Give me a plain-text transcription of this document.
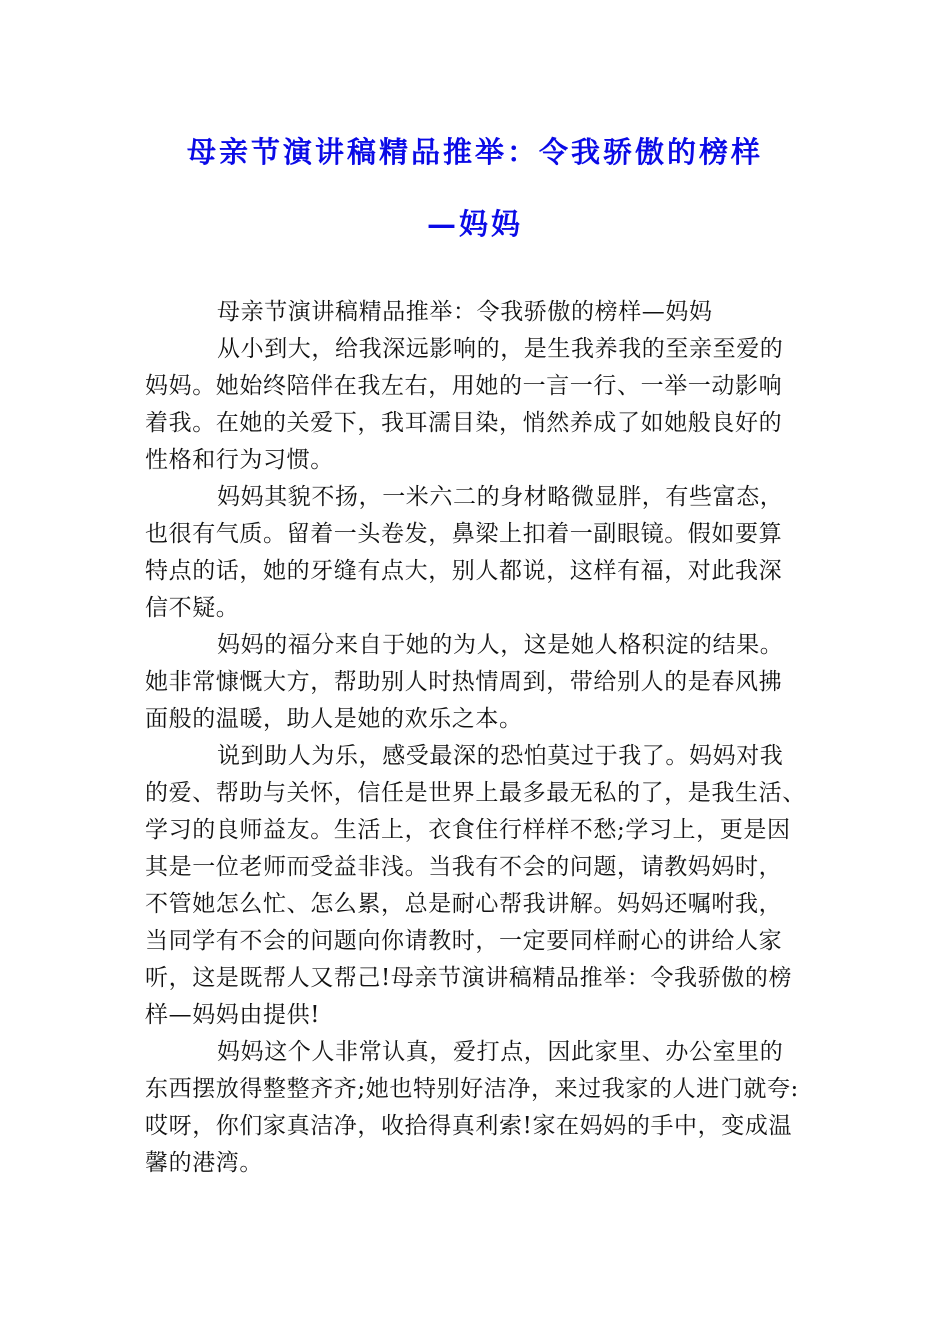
母亲节演讲稿精品推举：令我骄傲的榜样
—妈妈
母亲节演讲稿精品推举：令我骄傲的榜样—妈妈
从小到大，给我深远影响的，是生我养我的至亲至爱的
妈妈。她始终陪伴在我左右，用她的一言一行、一举一动影响
着我。在她的关爱下，我耳濡目染，悄然养成了如她般良好的
性格和行为习惯。
妈妈其貌不扬，一米六二的身材略微显胖，有些富态，
也很有气质。留着一头卷发，鼻梁上扣着一副眼镜。假如要算
特点的话，她的牙缝有点大，别人都说，这样有福，对此我深
信不疑。
妈妈的福分来自于她的为人，这是她人格积淀的结果。
她非常慷慨大方，帮助别人时热情周到，带给别人的是春风拂
面般的温暖，助人是她的欢乐之本。
说到助人为乐，感受最深的恐怕莫过于我了。妈妈对我
的爱、帮助与关怀，信任是世界上最多最无私的了，是我生活、
学习的良师益友。生活上，衣食住行样样不愁;学习上，更是因
其是一位老师而受益非浅。当我有不会的问题，请教妈妈时，
不管她怎么忙、怎么累，总是耐心帮我讲解。妈妈还嘱咐我，
当同学有不会的问题向你请教时，一定要同样耐心的讲给人家
听，这是既帮人又帮己!母亲节演讲稿精品推举：令我骄傲的榜
样—妈妈由提供!
妈妈这个人非常认真，爱打点，因此家里、办公室里的
东西摆放得整整齐齐;她也特别好洁净，来过我家的人进门就夸:
哎呀，你们家真洁净，收拾得真利索!家在妈妈的手中，变成温
馨的港湾。
